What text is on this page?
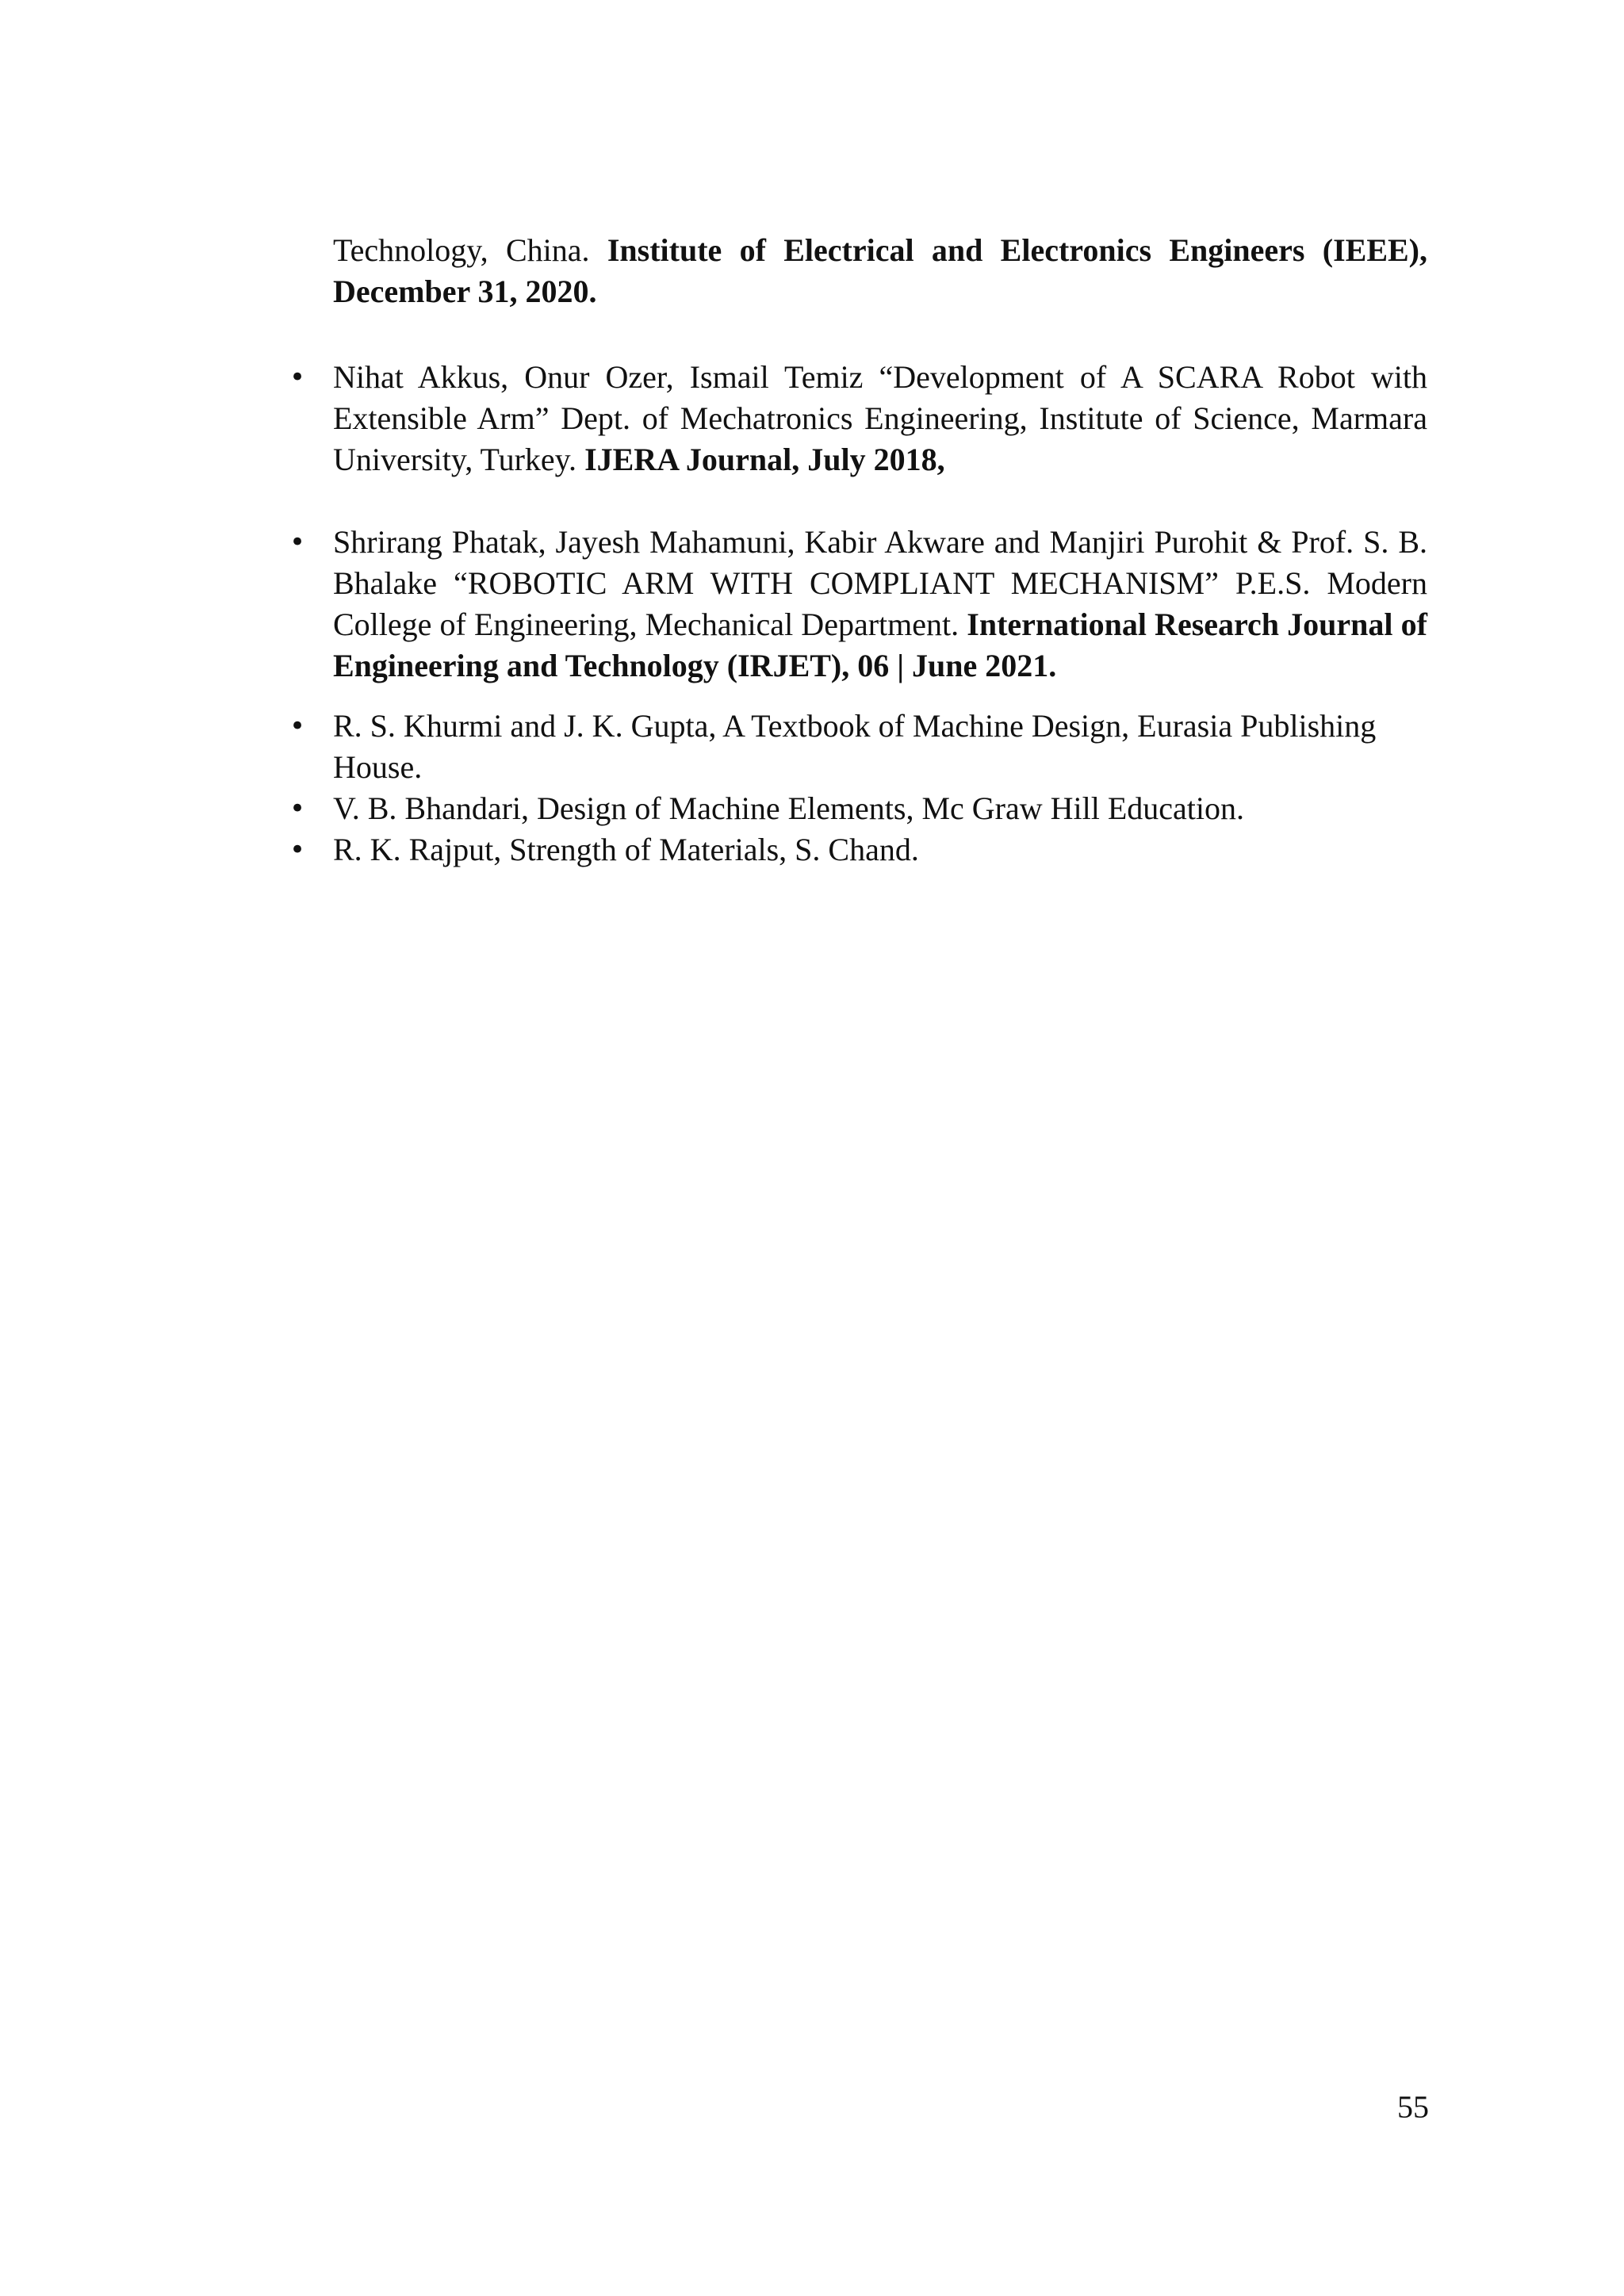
Technology, China. Institute of Electrical and Electronics Engineers (IEEE), December 31, 2020.
• Nihat Akkus, Onur Ozer, Ismail Temiz “Development of A SCARA Robot with Extensible Arm” Dept. of Mechatronics Engineering, Institute of Science, Marmara University, Turkey. IJERA Journal, July 2018,
• Shrirang Phatak, Jayesh Mahamuni, Kabir Akware and Manjiri Purohit & Prof. S. B. Bhalake “ROBOTIC ARM WITH COMPLIANT MECHANISM” P.E.S. Modern College of Engineering, Mechanical Department. International Research Journal of Engineering and Technology (IRJET), 06 | June 2021.
• R. S. Khurmi and J. K. Gupta, A Textbook of Machine Design, Eurasia Publishing House.
• V. B. Bhandari, Design of Machine Elements, Mc Graw Hill Education.
• R. K. Rajput, Strength of Materials, S. Chand.
55
